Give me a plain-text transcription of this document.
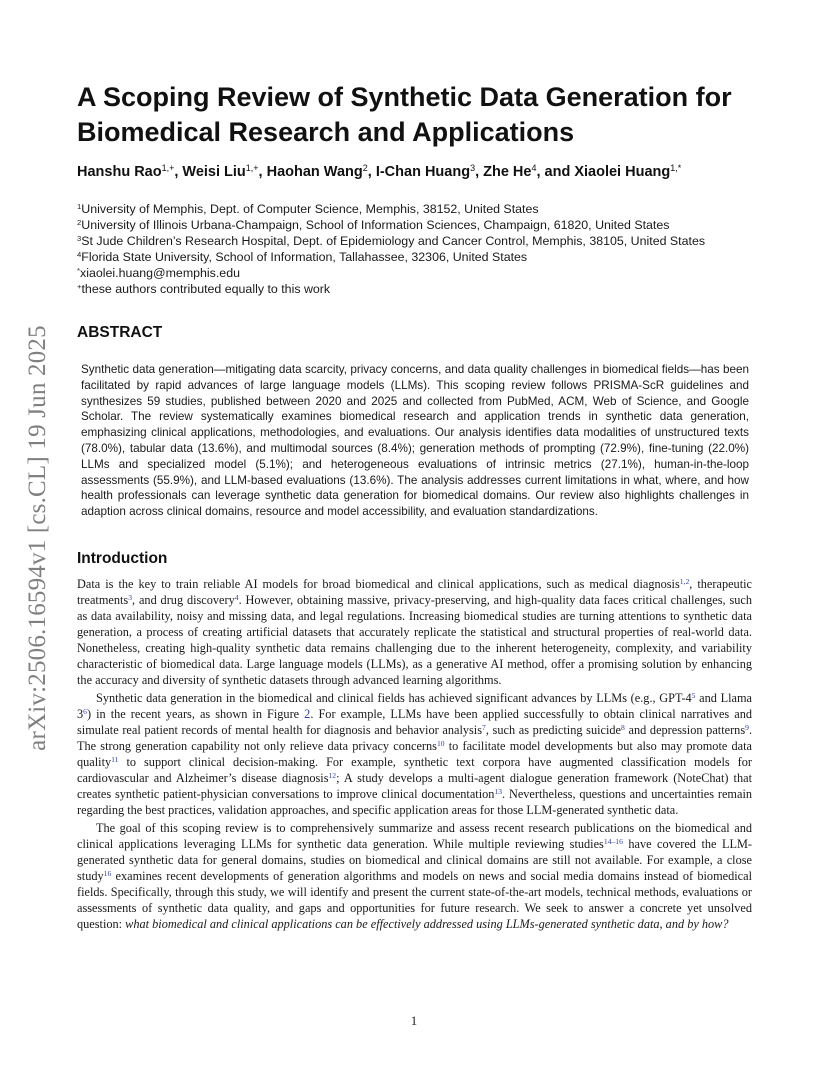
arXiv:2506.16594v1 [cs.CL] 19 Jun 2025
A Scoping Review of Synthetic Data Generation for Biomedical Research and Applications
Hanshu Rao$^{1,+}$, Weisi Liu$^{1,+}$, Haohan Wang$^2$, I-Chan Huang$^3$, Zhe He$^4$, and Xiaolei Huang$^{1,*}$
$^1$University of Memphis, Dept. of Computer Science, Memphis, 38152, United States
$^2$University of Illinois Urbana-Champaign, School of Information Sciences, Champaign, 61820, United States
$^3$St Jude Children’s Research Hospital, Dept. of Epidemiology and Cancer Control, Memphis, 38105, United States
$^4$Florida State University, School of Information, Tallahassee, 32306, United States
*xiaolei.huang@memphis.edu
+these authors contributed equally to this work
ABSTRACT

Synthetic data generation—mitigating data scarcity, privacy concerns, and data quality challenges in biomedical fields—has been facilitated by rapid advances of large language models (LLMs). This scoping review follows PRISMA-ScR guidelines and synthesizes 59 studies, published between 2020 and 2025 and collected from PubMed, ACM, Web of Science, and Google Scholar. The review systematically examines biomedical research and application trends in synthetic data generation, emphasizing clinical applications, methodologies, and evaluations. Our analysis identifies data modalities of unstructured texts (78.0%), tabular data (13.6%), and multimodal sources (8.4%); generation methods of prompting (72.9%), fine-tuning (22.0%) LLMs and specialized model (5.1%); and heterogeneous evaluations of intrinsic metrics (27.1%), human-in-the-loop assessments (55.9%), and LLM-based evaluations (13.6%). The analysis addresses current limitations in what, where, and how health professionals can leverage synthetic data generation for biomedical domains. Our review also highlights challenges in adaption across clinical domains, resource and model accessibility, and evaluation standardizations.

Introduction

Data is the key to train reliable AI models for broad biomedical and clinical applications, such as medical diagnosis$^{1,2}$, therapeutic treatments$^3$, and drug discovery$^4$. However, obtaining massive, privacy-preserving, and high-quality data faces critical challenges, such as data availability, noisy and missing data, and legal regulations. Increasing biomedical studies are turning attentions to synthetic data generation, a process of creating artificial datasets that accurately replicate the statistical and structural properties of real-world data. Nonetheless, creating high-quality synthetic data remains challenging due to the inherent heterogeneity, complexity, and variability characteristic of biomedical data. Large language models (LLMs), as a generative AI method, offer a promising solution by enhancing the accuracy and diversity of synthetic datasets through advanced learning algorithms.

Synthetic data generation in the biomedical and clinical fields has achieved significant advances by LLMs (e.g., GPT-$4^5$ and Llama $3^6$) in the recent years, as shown in Figure 2. For example, LLMs have been applied successfully to obtain clinical narratives and simulate real patient records of mental health for diagnosis and behavior analysis$^7$, such as predicting suicide$^8$ and depression patterns$^9$. The strong generation capability not only relieve data privacy concerns$^{10}$ to facilitate model developments but also may promote data quality$^{11}$ to support clinical decision-making. For example, synthetic text corpora have augmented classification models for cardiovascular and Alzheimer’s disease diagnosis$^{12}$; A study develops a multi-agent dialogue generation framework (NoteChat) that creates synthetic patient-physician conversations to improve clinical documentation$^{13}$. Nevertheless, questions and uncertainties remain regarding the best practices, validation approaches, and specific application areas for those LLM-generated synthetic data.

The goal of this scoping review is to comprehensively summarize and assess recent research publications on the biomedical and clinical applications leveraging LLMs for synthetic data generation. While multiple reviewing studies$^{14-16}$ have covered the LLM-generated synthetic data for general domains, studies on biomedical and clinical domains are still not available. For example, a close study$^{16}$ examines recent developments of generation algorithms and models on news and social media domains instead of biomedical fields. Specifically, through this study, we will identify and present the current state-of-the-art models, technical methods, evaluations or assessments of synthetic data quality, and gaps and opportunities for future research. We seek to answer a concrete yet unsolved question: what biomedical and clinical applications can be effectively addressed using LLMs-generated synthetic data, and by how?

1
